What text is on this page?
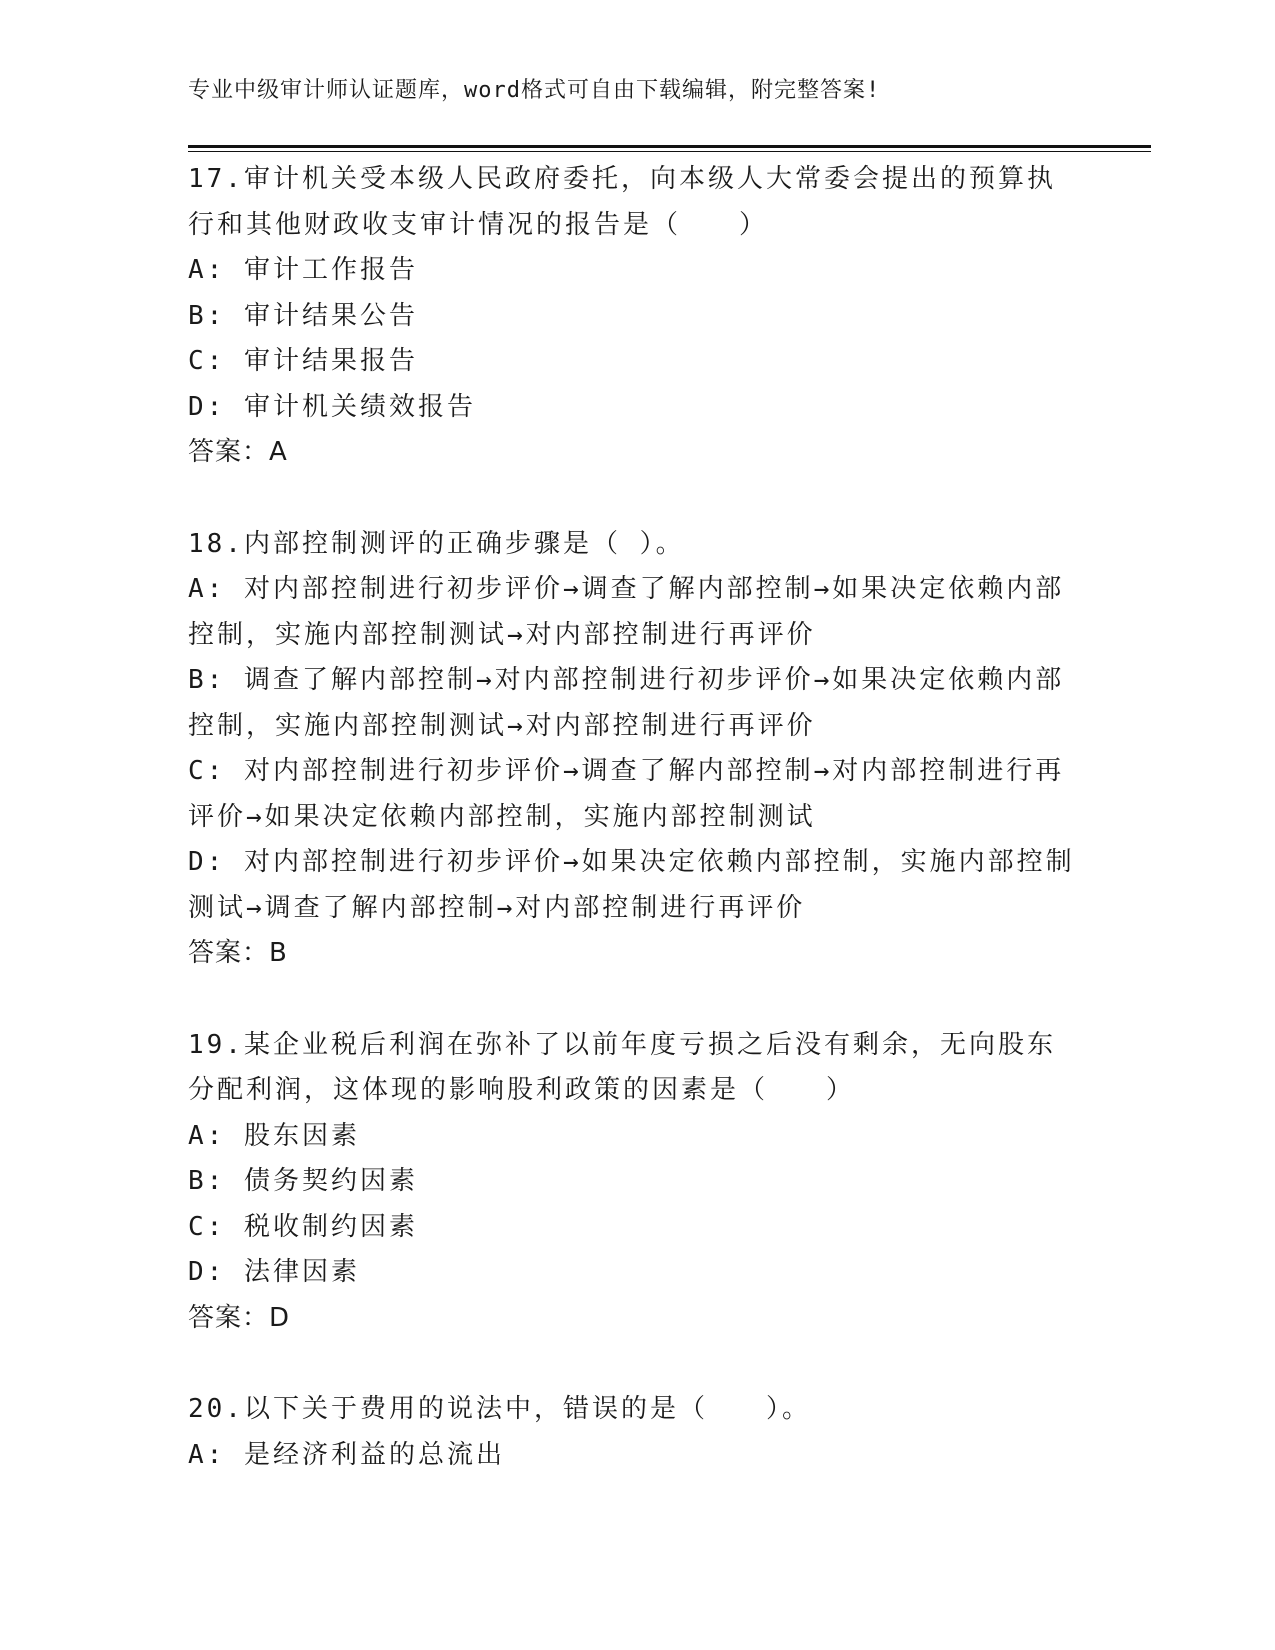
专业中级审计师认证题库，word格式可自由下载编辑，附完整答案!
17.审计机关受本级人民政府委托，向本级人大常委会提出的预算执行和其他财政收支审计情况的报告是（　　）
A: 审计工作报告
B: 审计结果公告
C: 审计结果报告
D: 审计机关绩效报告
答案：A
18.内部控制测评的正确步骤是（ ）。
A: 对内部控制进行初步评价→调查了解内部控制→如果决定依赖内部控制，实施内部控制测试→对内部控制进行再评价
B: 调查了解内部控制→对内部控制进行初步评价→如果决定依赖内部控制，实施内部控制测试→对内部控制进行再评价
C: 对内部控制进行初步评价→调查了解内部控制→对内部控制进行再评价→如果决定依赖内部控制，实施内部控制测试
D: 对内部控制进行初步评价→如果决定依赖内部控制，实施内部控制测试→调查了解内部控制→对内部控制进行再评价
答案：B
19.某企业税后利润在弥补了以前年度亏损之后没有剩余，无向股东分配利润，这体现的影响股利政策的因素是（　　）
A: 股东因素
B: 债务契约因素
C: 税收制约因素
D: 法律因素
答案：D
20.以下关于费用的说法中，错误的是（　　）。
A: 是经济利益的总流出
